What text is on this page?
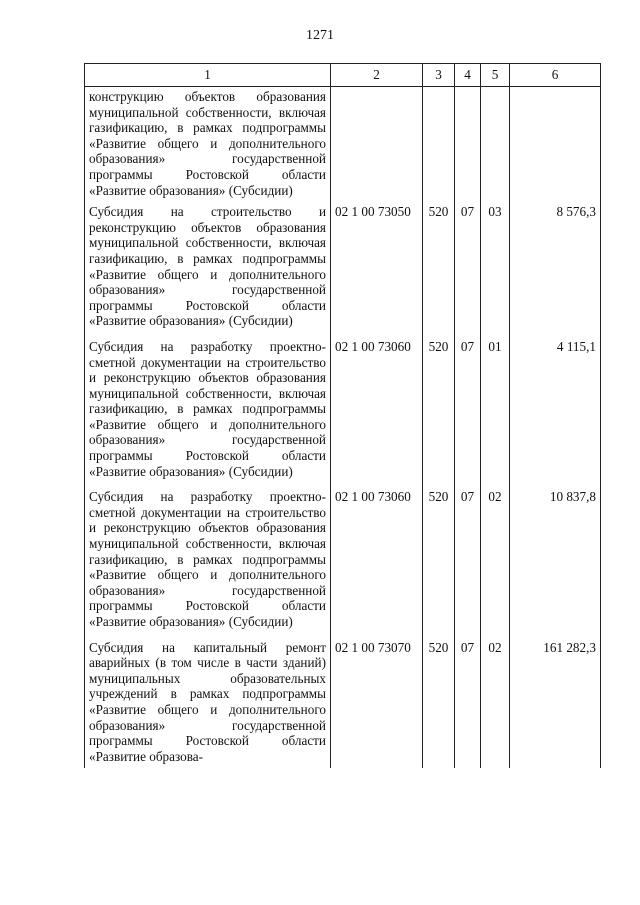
1271
1	2	3	4	5	6
конструкцию объектов образования муниципальной собственности, включая газификацию, в рамках подпрограммы «Развитие общего и дополнительного образования» государственной программы Ростовской области «Развитие образования» (Субсидии)					
Субсидия на строительство и реконструкцию объектов образования муниципальной собственности, включая газификацию, в рамках подпрограммы «Развитие общего и дополнительного образования» государственной программы Ростовской области «Развитие образования» (Субсидии)	02 1 00 73050	520	07	03	8 576,3
Субсидия на разработку проектно-сметной документации на строительство и реконструкцию объектов образования муниципальной собственности, включая газификацию, в рамках подпрограммы «Развитие общего и дополнительного образования» государственной программы Ростовской области «Развитие образования» (Субсидии)	02 1 00 73060	520	07	01	4 115,1
Субсидия на разработку проектно-сметной документации на строительство и реконструкцию объектов образования муниципальной собственности, включая газификацию, в рамках подпрограммы «Развитие общего и дополнительного образования» государственной программы Ростовской области «Развитие образования» (Субсидии)	02 1 00 73060	520	07	02	10 837,8
Субсидия на капитальный ремонт аварийных (в том числе в части зданий) муниципальных образовательных учреждений в рамках подпрограммы «Развитие общего и дополнительного образования» государственной программы Ростовской области «Развитие образова-	02 1 00 73070	520	07	02	161 282,3
